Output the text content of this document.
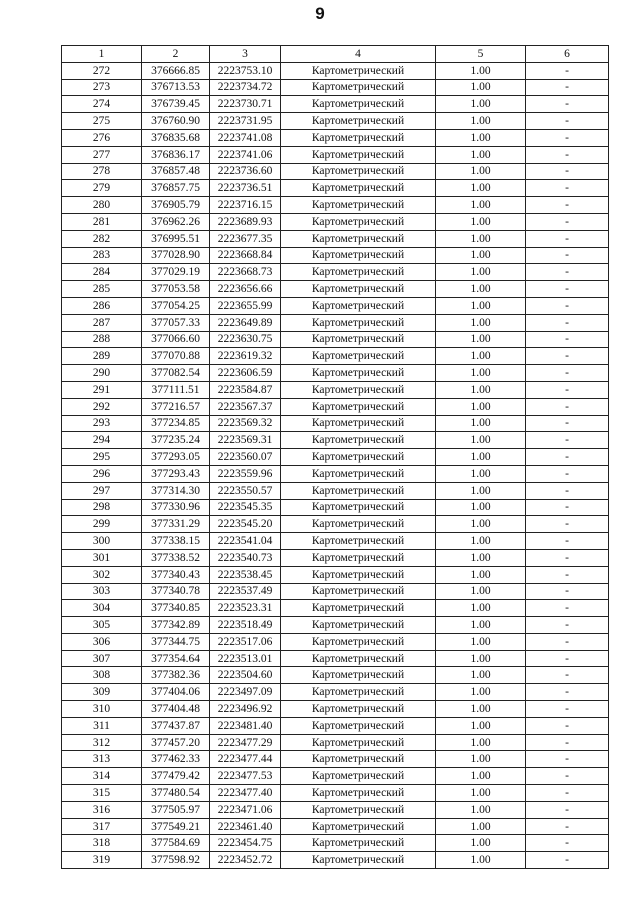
9
1	2	3	4	5	6
272	376666.85	2223753.10	Картометрический	1.00	-
273	376713.53	2223734.72	Картометрический	1.00	-
274	376739.45	2223730.71	Картометрический	1.00	-
275	376760.90	2223731.95	Картометрический	1.00	-
276	376835.68	2223741.08	Картометрический	1.00	-
277	376836.17	2223741.06	Картометрический	1.00	-
278	376857.48	2223736.60	Картометрический	1.00	-
279	376857.75	2223736.51	Картометрический	1.00	-
280	376905.79	2223716.15	Картометрический	1.00	-
281	376962.26	2223689.93	Картометрический	1.00	-
282	376995.51	2223677.35	Картометрический	1.00	-
283	377028.90	2223668.84	Картометрический	1.00	-
284	377029.19	2223668.73	Картометрический	1.00	-
285	377053.58	2223656.66	Картометрический	1.00	-
286	377054.25	2223655.99	Картометрический	1.00	-
287	377057.33	2223649.89	Картометрический	1.00	-
288	377066.60	2223630.75	Картометрический	1.00	-
289	377070.88	2223619.32	Картометрический	1.00	-
290	377082.54	2223606.59	Картометрический	1.00	-
291	377111.51	2223584.87	Картометрический	1.00	-
292	377216.57	2223567.37	Картометрический	1.00	-
293	377234.85	2223569.32	Картометрический	1.00	-
294	377235.24	2223569.31	Картометрический	1.00	-
295	377293.05	2223560.07	Картометрический	1.00	-
296	377293.43	2223559.96	Картометрический	1.00	-
297	377314.30	2223550.57	Картометрический	1.00	-
298	377330.96	2223545.35	Картометрический	1.00	-
299	377331.29	2223545.20	Картометрический	1.00	-
300	377338.15	2223541.04	Картометрический	1.00	-
301	377338.52	2223540.73	Картометрический	1.00	-
302	377340.43	2223538.45	Картометрический	1.00	-
303	377340.78	2223537.49	Картометрический	1.00	-
304	377340.85	2223523.31	Картометрический	1.00	-
305	377342.89	2223518.49	Картометрический	1.00	-
306	377344.75	2223517.06	Картометрический	1.00	-
307	377354.64	2223513.01	Картометрический	1.00	-
308	377382.36	2223504.60	Картометрический	1.00	-
309	377404.06	2223497.09	Картометрический	1.00	-
310	377404.48	2223496.92	Картометрический	1.00	-
311	377437.87	2223481.40	Картометрический	1.00	-
312	377457.20	2223477.29	Картометрический	1.00	-
313	377462.33	2223477.44	Картометрический	1.00	-
314	377479.42	2223477.53	Картометрический	1.00	-
315	377480.54	2223477.40	Картометрический	1.00	-
316	377505.97	2223471.06	Картометрический	1.00	-
317	377549.21	2223461.40	Картометрический	1.00	-
318	377584.69	2223454.75	Картометрический	1.00	-
319	377598.92	2223452.72	Картометрический	1.00	-
